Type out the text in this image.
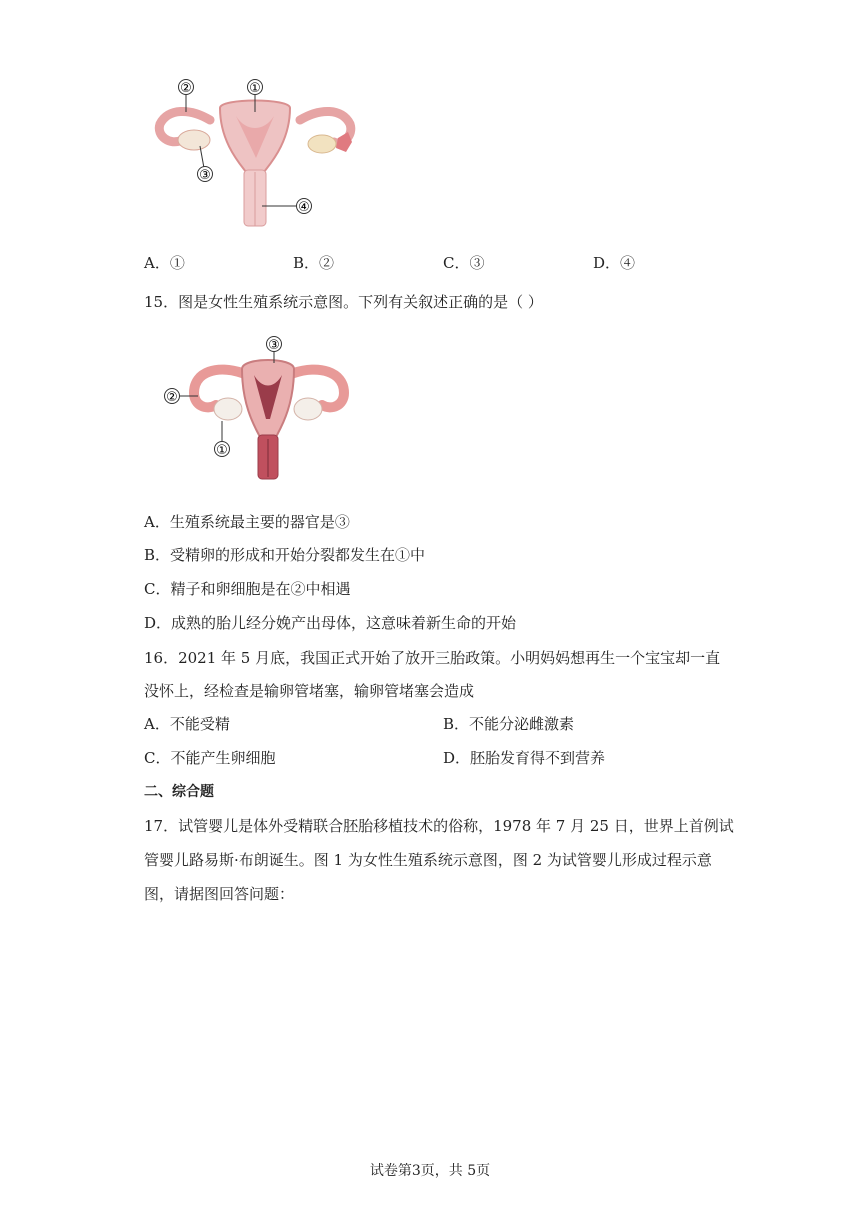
②	①
③
④
A．①	B．②	C．③	D．④
15．图是女性生殖系统示意图。下列有关叙述正确的是（ ）
③
②
①
A．生殖系统最主要的器官是③
B．受精卵的形成和开始分裂都发生在①中
C．精子和卵细胞是在②中相遇
D．成熟的胎儿经分娩产出母体，这意味着新生命的开始
16．2021 年 5 月底，我国正式开始了放开三胎政策。小明妈妈想再生一个宝宝却一直
没怀上，经检查是输卵管堵塞，输卵管堵塞会造成
A．不能受精	B．不能分泌雌激素
C．不能产生卵细胞	D．胚胎发育得不到营养
二、综合题
17．试管婴儿是体外受精联合胚胎移植技术的俗称，1978 年 7 月 25 日，世界上首例试
管婴儿路易斯·布朗诞生。图 1 为女性生殖系统示意图，图 2 为试管婴儿形成过程示意
图，请据图回答问题：
试卷第3页，共 5页
